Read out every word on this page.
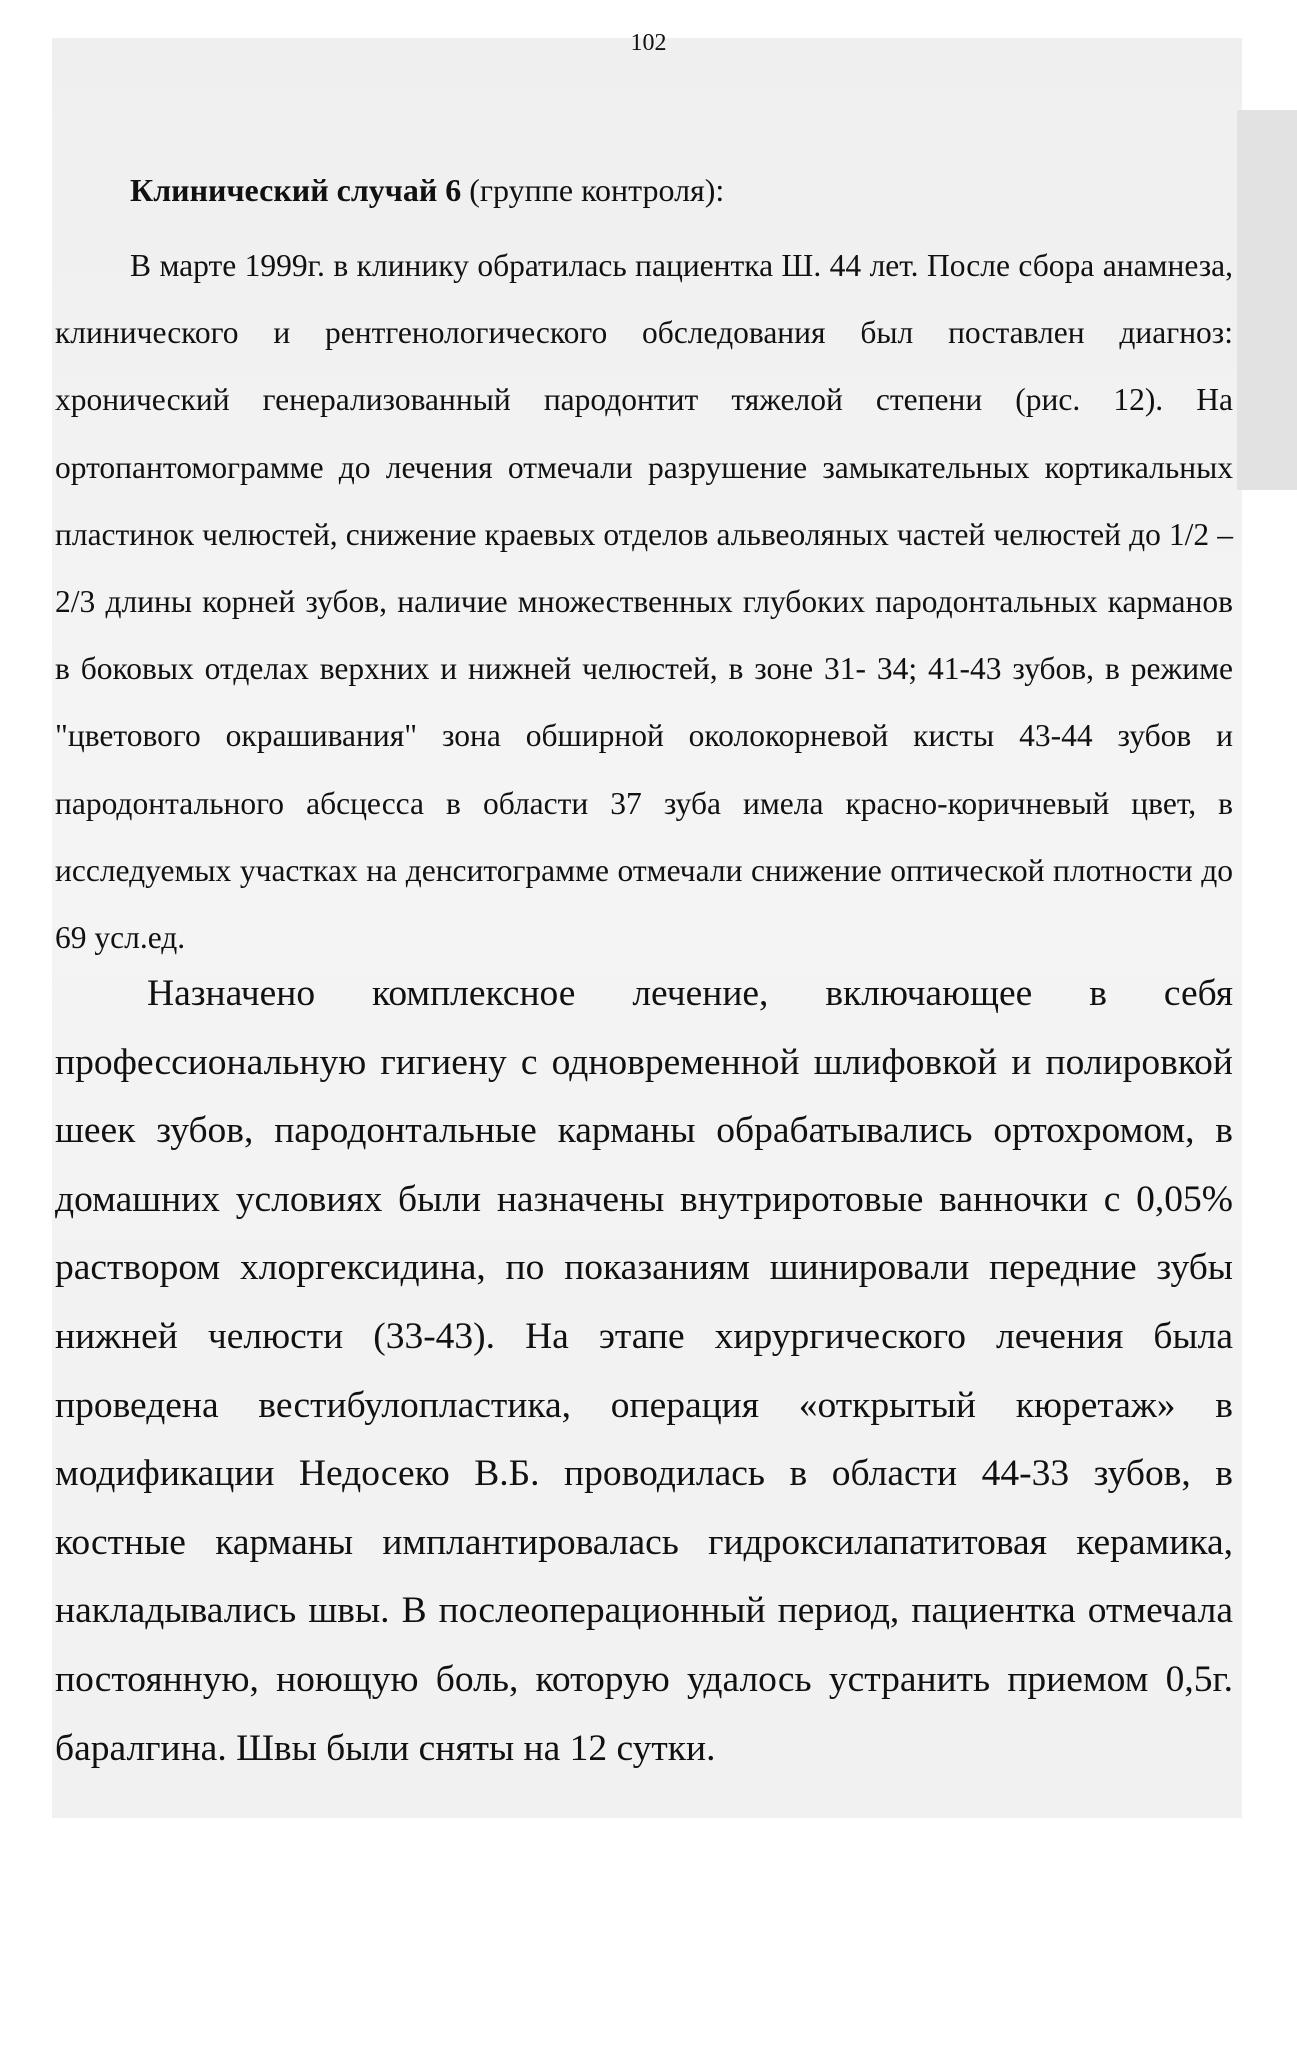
102

Клинический случай 6 (группе контроля):

В марте 1999г. в клинику обратилась пациентка Ш. 44 лет. После сбора анамнеза, клинического и рентгенологического обследования был поставлен диагноз: хронический генерализованный пародонтит тяжелой степени (рис. 12). На ортопантомограмме до лечения отмечали разрушение замыкательных кортикальных пластинок челюстей, снижение краевых отделов альвеоляных частей челюстей до 1/2 – 2/3 длины корней зубов, наличие множественных глубоких пародонтальных карманов в боковых отделах верхних и нижней челюстей, в зоне 31- 34; 41-43 зубов, в режиме "цветового окрашивания" зона обширной околокорневой кисты 43-44 зубов и пародонтального абсцесса в области 37 зуба имела красно-коричневый цвет, в исследуемых участках на денситограмме отмечали снижение оптической плотности до 69 усл.ед.

Назначено комплексное лечение, включающее в себя профессиональную гигиену с одновременной шлифовкой и полировкой шеек зубов, пародонтальные карманы обрабатывались ортохромом, в домашних условиях были назначены внутриротовые ванночки с 0,05% раствором хлоргексидина, по показаниям шинировали передние зубы нижней челюсти (33-43). На этапе хирургического лечения была проведена вестибулопластика, операция «открытый кюретаж» в модификации Недосеко В.Б. проводилась в области 44-33 зубов, в костные карманы имплантировалась гидроксилапатитовая керамика, накладывались швы. В послеоперационный период, пациентка отмечала постоянную, ноющую боль, которую удалось устранить приемом 0,5г. баралгина. Швы были сняты на 12 сутки.
